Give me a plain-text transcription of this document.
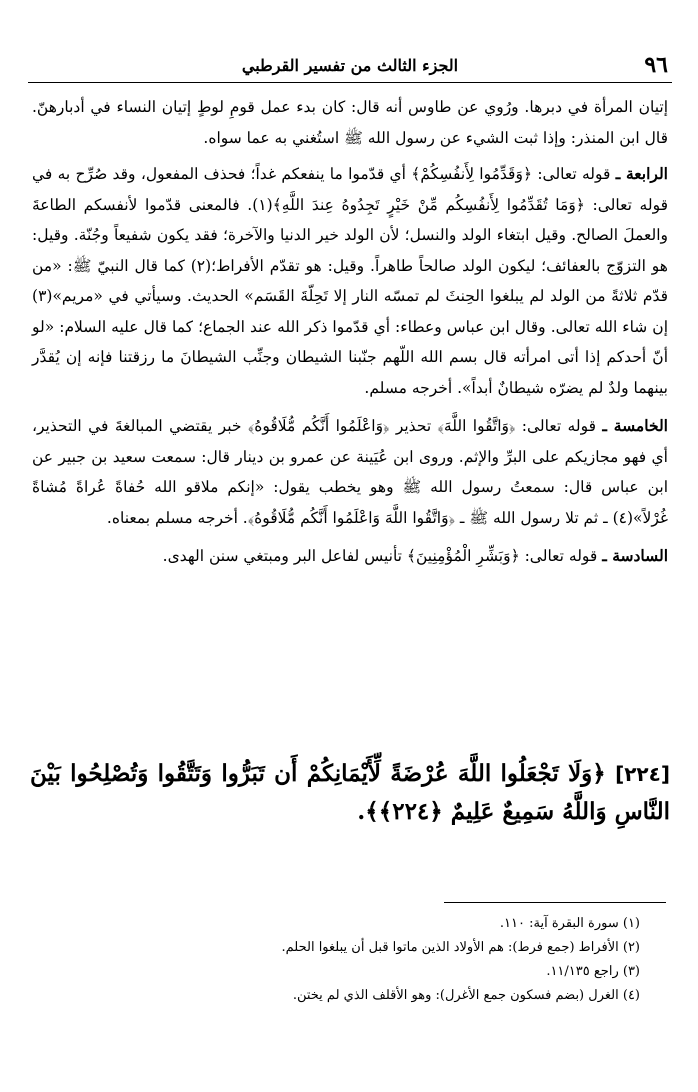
٩٦
الجزء الثالث من تفسير القرطبي

إتيان المرأة في دبرها. ورُوي عن طاوس أنه قال: كان بدء عمل قومِ لوطٍ إتيان النساء في أدبارهنّ. قال ابن المنذر: وإذا ثبت الشيء عن رسول الله ﷺ استُغني به عما سواه.

الرابعة ـ قوله تعالى: ﴿وَقَدِّمُوا لِأَنفُسِكُمْ﴾ أي قدّموا ما ينفعكم غداً؛ فحذف المفعول، وقد صُرِّح به في قوله تعالى: ﴿وَمَا تُقَدِّمُوا لِأَنفُسِكُم مِّنْ خَيْرٍ تَجِدُوهُ عِندَ اللَّهِ﴾(١). فالمعنى قدّموا لأنفسكم الطاعةَ والعملَ الصالح. وقيل ابتغاء الولد والنسل؛ لأن الولد خير الدنيا والآخرة؛ فقد يكون شفيعاً وجُنّة. وقيل: هو التزوّج بالعفائف؛ ليكون الولد صالحاً طاهراً. وقيل: هو تقدّم الأفراط؛(٢) كما قال النبيّ ﷺ: «من قدّم ثلاثةً من الولد لم يبلغوا الحِنثَ لم تمسّه النار إلا تَحِلّةَ القَسَم» الحديث. وسيأتي في «مريم»(٣) إن شاء الله تعالى. وقال ابن عباس وعطاء: أي قدّموا ذكر الله عند الجماع؛ كما قال عليه السلام: «لو أنّ أحدكم إذا أتى امرأته قال بسم الله اللّهم جنّبنا الشيطان وجنِّب الشيطانَ ما رزقتنا فإنه إن يُقدَّر بينهما ولدٌ لم يضرّه شيطانٌ أبداً». أخرجه مسلم.

الخامسة ـ قوله تعالى: ﴿وَاتَّقُوا اللَّهَ﴾ تحذير ﴿وَاعْلَمُوا أَنَّكُم مُّلَاقُوهُ﴾ خبر يقتضي المبالغةَ في التحذير، أي فهو مجازيكم على البرِّ والإثم. وروى ابن عُيَينة عن عمرو بن دينار قال: سمعت سعيد بن جبير عن ابن عباس قال: سمعتُ رسول الله ﷺ وهو يخطب يقول: «إنكم ملاقو الله حُفاةً عُراةً مُشاةً غُرْلاً»(٤) ـ ثم تلا رسول الله ﷺ ـ ﴿وَاتَّقُوا اللَّهَ وَاعْلَمُوا أَنَّكُم مُّلَاقُوهُ﴾. أخرجه مسلم بمعناه.

السادسة ـ قوله تعالى: ﴿وَبَشِّرِ الْمُؤْمِنِينَ﴾ تأنيس لفاعل البر ومبتغي سنن الهدى.

[٢٢٤] ﴿وَلَا تَجْعَلُوا اللَّهَ عُرْضَةً لِّأَيْمَانِكُمْ أَن تَبَرُّوا وَتَتَّقُوا وَتُصْلِحُوا بَيْنَ النَّاسِ وَاللَّهُ سَمِيعٌ عَلِيمٌ ﴿٢٢٤﴾﴾.
(١) سورة البقرة آية: ١١٠.
(٢) الأفراط (جمع فرط): هم الأولاد الذين ماتوا قبل أن يبلغوا الحلم.
(٣) راجع ١١/١٣٥.
(٤) الغرل (بضم فسكون جمع الأغرل): وهو الأقلف الذي لم يختن.
